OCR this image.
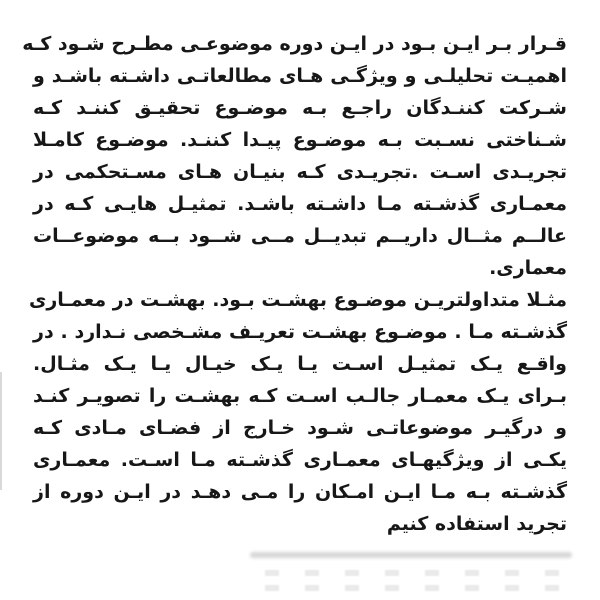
قـرار بـر ایـن بـود در ایـن دوره موضوعـی مطـرح شـود کـه
اهمیـت تحلیلـی و ویژگـی هـای مطالعاتـی داشـته باشـد و
شـرکت کننـدگان راجـع بـه موضـوع تحقیـق کننـد کـه
شـناختی نسـبت بـه موضـوع پیـدا کننـد. موضـوع کامـلا
تجریـدی اسـت .تجریـدی کـه بنیـان هـای مسـتحکمی در
معمـاری گذشـته مـا داشـته باشـد. تمثیـل هایـی کـه در
عالــم مثــال داریــم تبدیــل مــی شــود بــه موضوعــات
معماری.
مثـلا متداولتریـن موضـوع بهشـت بـود. بهشـت در معمـاری
گذشـته مـا . موضـوع بهشـت تعریـف مشـخصی نـدارد . در
واقـع یـک تمثیـل اسـت یـا یـک خیـال یـا یـک مثـال.
بـرای یـک معمـار جالـب اسـت کـه بهشـت را تصویـر کنـد
و درگیـر موضوعاتـی شـود خـارج از فضـای مـادی کـه
یکـی از ویژگیهـای معمـاری گذشـته مـا اسـت. معمـاری
گذشـته بـه مـا ایـن امـکان را مـی دهـد در ایـن دوره از
تجرید استفاده کنیم
